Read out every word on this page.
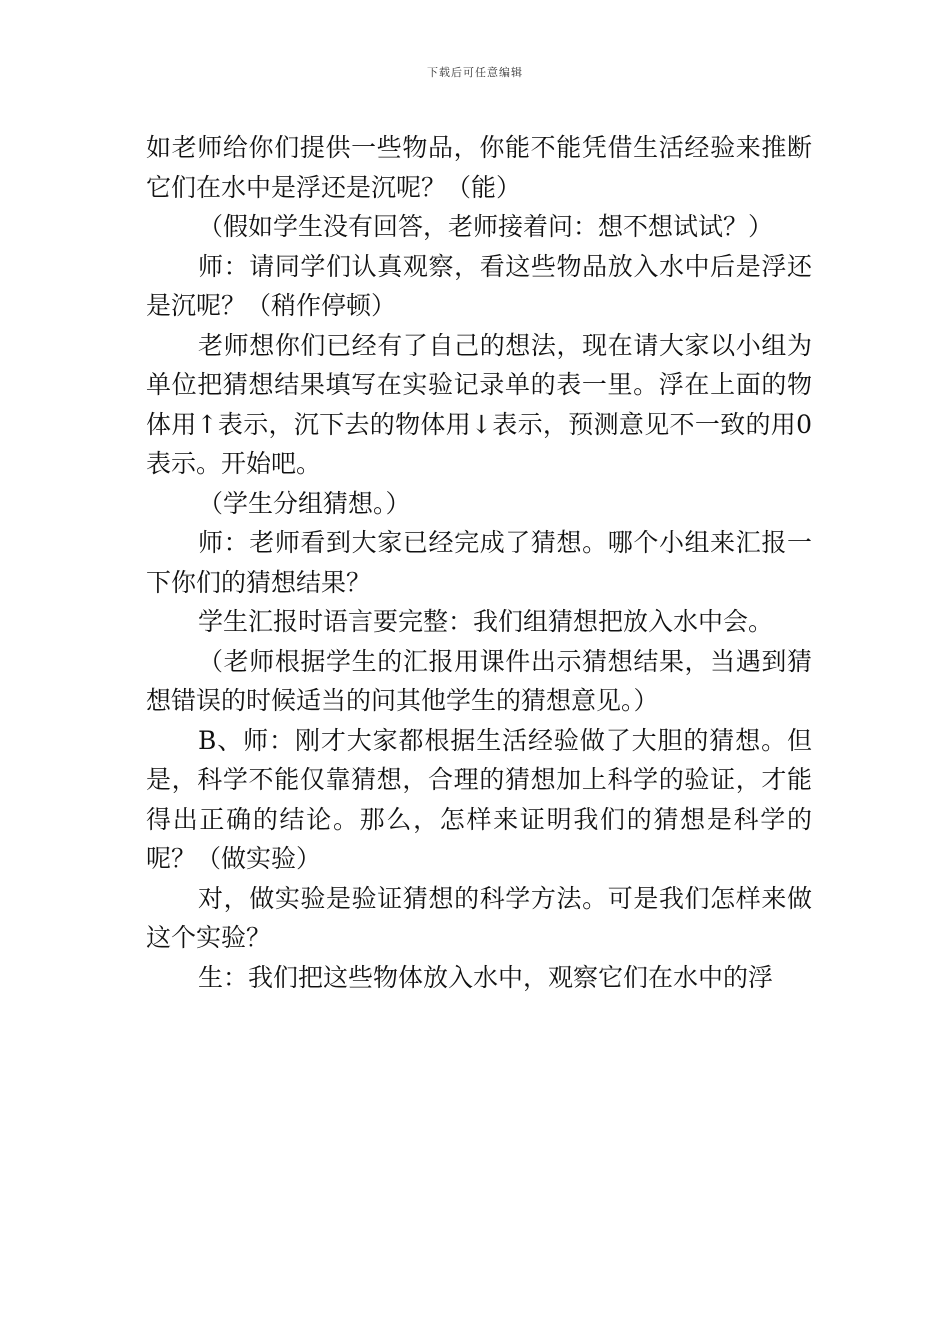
下载后可任意编辑

如老师给你们提供一些物品，你能不能凭借生活经验来推断它们在水中是浮还是沉呢？（能）

（假如学生没有回答，老师接着问：想不想试试？）

师：请同学们认真观察，看这些物品放入水中后是浮还是沉呢？（稍作停顿）

老师想你们已经有了自己的想法，现在请大家以小组为单位把猜想结果填写在实验记录单的表一里。浮在上面的物体用↑表示，沉下去的物体用↓表示，预测意见不一致的用0表示。开始吧。

（学生分组猜想。）

师：老师看到大家已经完成了猜想。哪个小组来汇报一下你们的猜想结果？

学生汇报时语言要完整：我们组猜想把放入水中会。

（老师根据学生的汇报用课件出示猜想结果，当遇到猜想错误的时候适当的问其他学生的猜想意见。）

B、师：刚才大家都根据生活经验做了大胆的猜想。但是，科学不能仅靠猜想，合理的猜想加上科学的验证，才能得出正确的结论。那么，怎样来证明我们的猜想是科学的呢？（做实验）

对，做实验是验证猜想的科学方法。可是我们怎样来做这个实验？

生：我们把这些物体放入水中，观察它们在水中的浮
